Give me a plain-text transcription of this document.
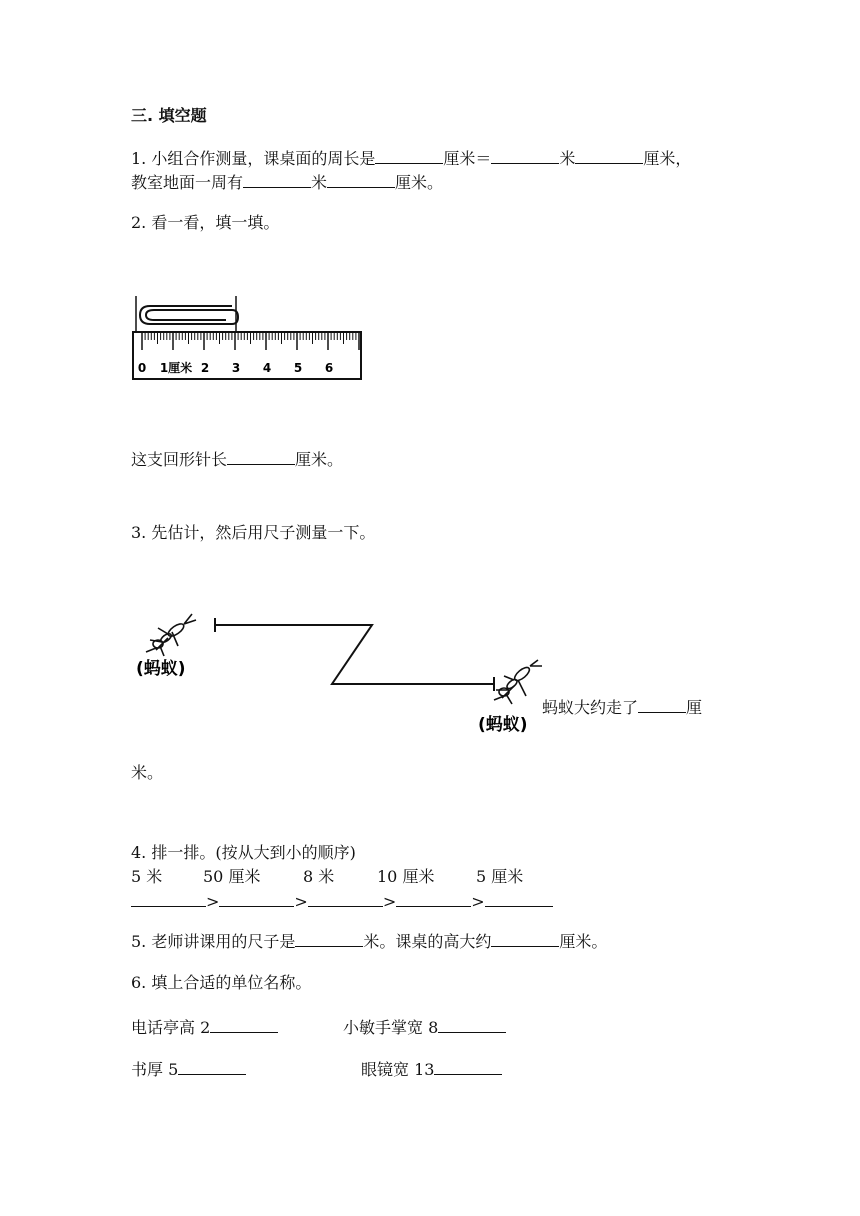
三. 填空题
1. 小组合作测量，课桌面的周长是	厘米＝	米	厘米，
教室地面一周有	米	厘米。
2. 看一看，填一填。
0 1厘米 2 3 4 5 6
这支回形针长	厘米。
3. 先估计，然后用尺子测量一下。
(蚂蚁)
(蚂蚁)
蚂蚁大约走了	厘
米。
4. 排一排。(按从大到小的顺序)
5 米	50 厘米	8 米	10 厘米	5 厘米
>	>	>	>
5. 老师讲课用的尺子是	米。课桌的高大约	厘米。
6. 填上合适的单位名称。
电话亭高 2	小敏手掌宽 8
书厚 5	眼镜宽 13
